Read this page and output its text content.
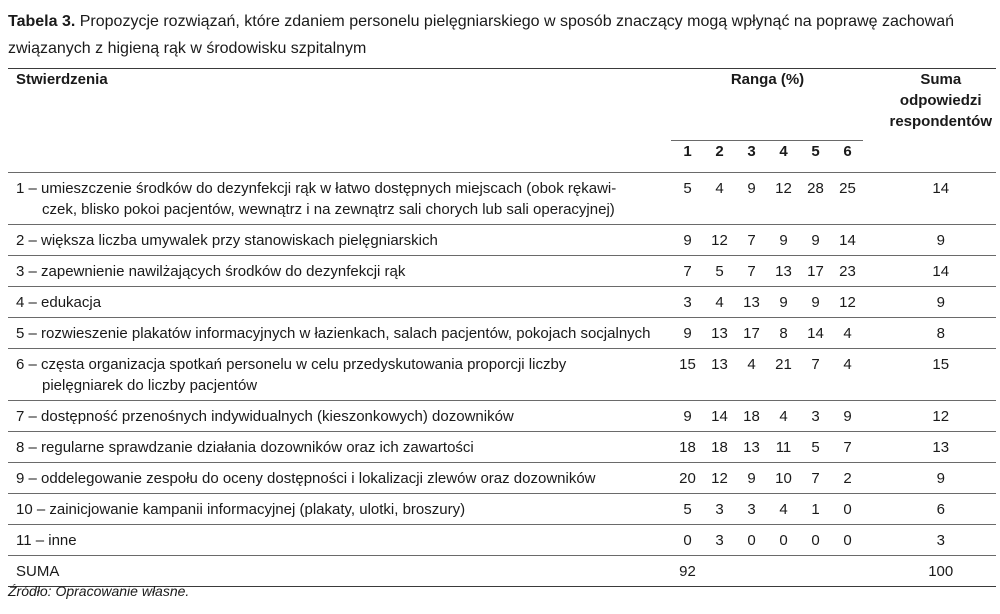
Tabela 3. Propozycje rozwiązań, które zdaniem personelu pielęgniarskiego w sposób znaczący mogą wpłynąć na poprawę zachowań związanych z higieną rąk w środowisku szpitalnym
Stwierdzenia	Ranga (%)							Suma
odpowiedzi
respondentów
	1	2	3	4	5	6		

1 – umieszczenie środków do dezynfekcji rąk w łatwo dostępnych miejscach (obok rękawi-
czek, blisko pokoi pacjentów, wewnątrz i na zewnątrz sali chorych lub sali operacyjnej)	5	4	9	12	28	25		14

2 – większa liczba umywalek przy stanowiskach pielęgniarskich	9	12	7	9	9	14		9

3 – zapewnienie nawilżających środków do dezynfekcji rąk	7	5	7	13	17	23		14

4 – edukacja	3	4	13	9	9	12		9

5 – rozwieszenie plakatów informacyjnych w łazienkach, salach pacjentów, pokojach socjalnych	9	13	17	8	14	4		8

6 – częsta organizacja spotkań personelu w celu przedyskutowania proporcji liczby
pielęgniarek do liczby pacjentów	15	13	4	21	7	4		15

7 – dostępność przenośnych indywidualnych (kieszonkowych) dozowników	9	14	18	4	3	9		12

8 – regularne sprawdzanie działania dozowników oraz ich zawartości	18	18	13	11	5	7		13

9 – oddelegowanie zespołu do oceny dostępności i lokalizacji zlewów oraz dozowników	20	12	9	10	7	2		9

10 – zainicjowanie kampanii informacyjnej (plakaty, ulotki, broszury)	5	3	3	4	1	0		6

11 – inne	0	3	0	0	0	0		3
SUMA	92							100
Źródło: Opracowanie własne.
